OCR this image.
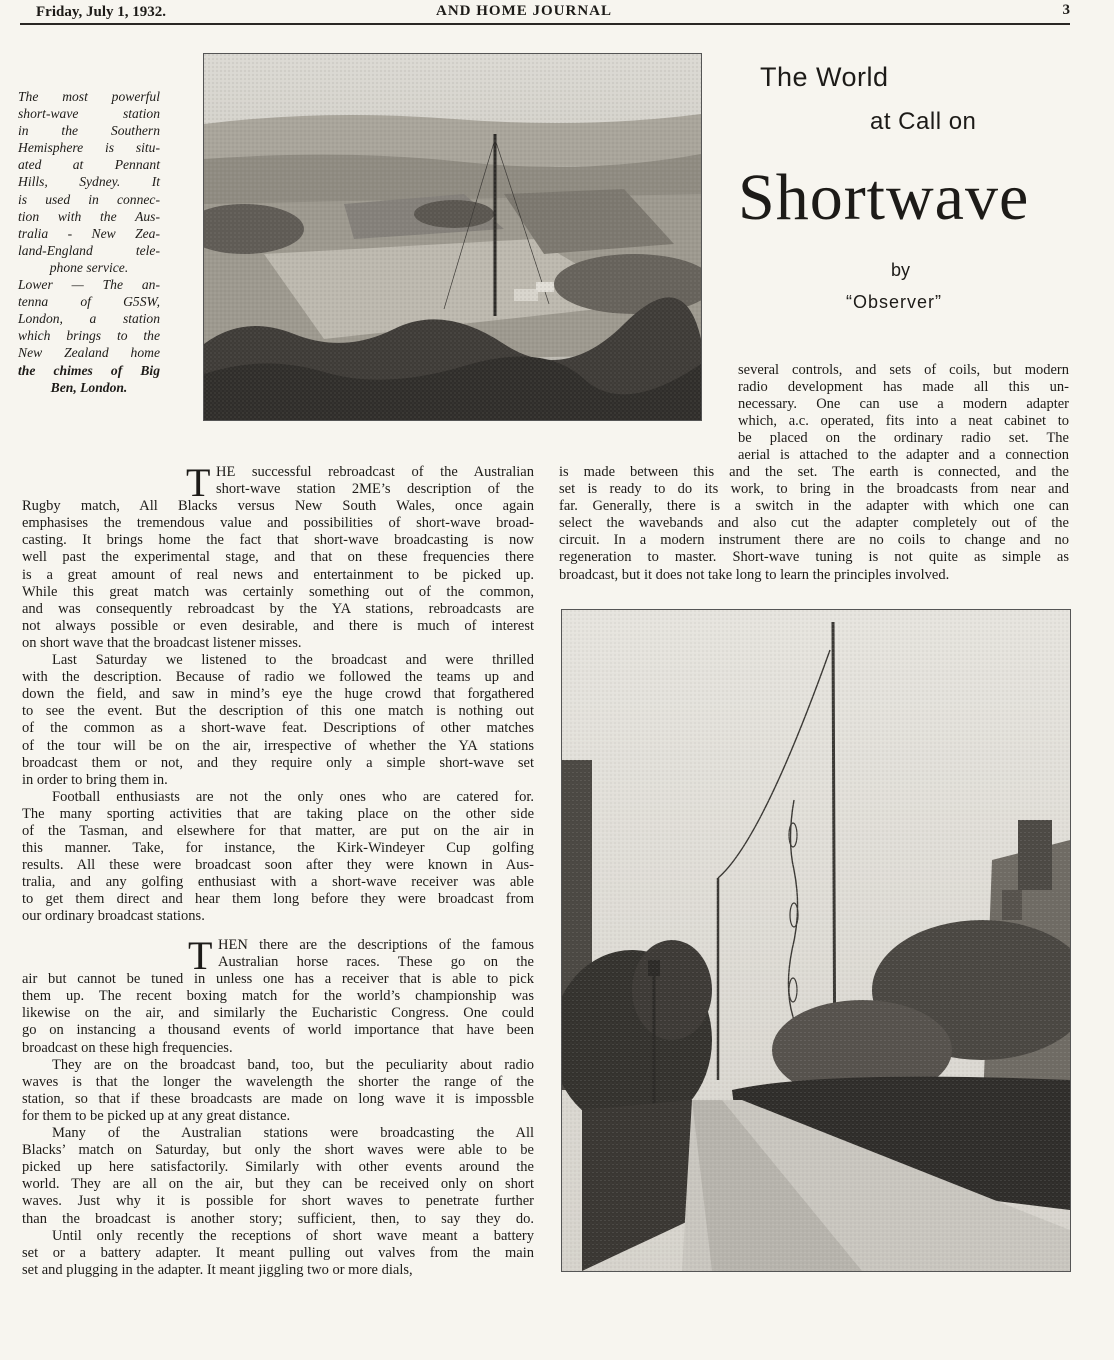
Friday, July 1, 1932.	AND HOME JOURNAL	3
The most powerful
short-wave station
in the Southern
Hemisphere is situ-
ated at Pennant
Hills, Sydney. It
is used in connec-
tion with the Aus-
tralia - New Zea-
land-England tele-
phone service.
Lower — The an-
tenna of G5SW,
London, a station
which brings to the
New Zealand home
the chimes of Big
Ben, London.
The World
at Call on
Shortwave
by
“Observer”
several controls, and sets of coils, but modern
radio development has made all this un-
necessary. One can use a modern adapter
which, a.c. operated, fits into a neat cabinet to
be placed on the ordinary radio set. The
aerial is attached to the adapter and a connection
is made between this and the set. The earth is connected, and the
set is ready to do its work, to bring in the broadcasts from near and
far. Generally, there is a switch in the adapter with which one can
select the wavebands and also cut the adapter completely out of the
circuit. In a modern instrument there are no coils to change and no
regeneration to master. Short-wave tuning is not quite as simple as
broadcast, but it does not take long to learn the principles involved.
T HE successful rebroadcast of the Australian
short-wave station 2ME’s description of the
Rugby match, All Blacks versus New South Wales, once again
emphasises the tremendous value and possibilities of short-wave broad-
casting. It brings home the fact that short-wave broadcasting is now
well past the experimental stage, and that on these frequencies there
is a great amount of real news and entertainment to be picked up.
While this great match was certainly something out of the common,
and was consequently rebroadcast by the YA stations, rebroadcasts are
not always possible or even desirable, and there is much of interest
on short wave that the broadcast listener misses.
Last Saturday we listened to the broadcast and were thrilled
with the description. Because of radio we followed the teams up and
down the field, and saw in mind’s eye the huge crowd that forgathered
to see the event. But the description of this one match is nothing out
of the common as a short-wave feat. Descriptions of other matches
of the tour will be on the air, irrespective of whether the YA stations
broadcast them or not, and they require only a simple short-wave set
in order to bring them in.
Football enthusiasts are not the only ones who are catered for.
The many sporting activities that are taking place on the other side
of the Tasman, and elsewhere for that matter, are put on the air in
this manner. Take, for instance, the Kirk-Windeyer Cup golfing
results. All these were broadcast soon after they were known in Aus-
tralia, and any golfing enthusiast with a short-wave receiver was able
to get them direct and hear them long before they were broadcast from
our ordinary broadcast stations.
T HEN there are the descriptions of the famous
Australian horse races. These go on the
air but cannot be tuned in unless one has a receiver that is able to pick
them up. The recent boxing match for the world’s championship was
likewise on the air, and similarly the Eucharistic Congress. One could
go on instancing a thousand events of world importance that have been
broadcast on these high frequencies.
They are on the broadcast band, too, but the peculiarity about radio
waves is that the longer the wavelength the shorter the range of the
station, so that if these broadcasts are made on long wave it is impossble
for them to be picked up at any great distance.
Many of the Australian stations were broadcasting the All
Blacks’ match on Saturday, but only the short waves were able to be
picked up here satisfactorily. Similarly with other events around the
world. They are all on the air, but they can be received only on short
waves. Just why it is possible for short waves to penetrate further
than the broadcast is another story; sufficient, then, to say they do.
Until only recently the receptions of short wave meant a battery
set or a battery adapter. It meant pulling out valves from the main
set and plugging in the adapter. It meant jiggling two or more dials,
